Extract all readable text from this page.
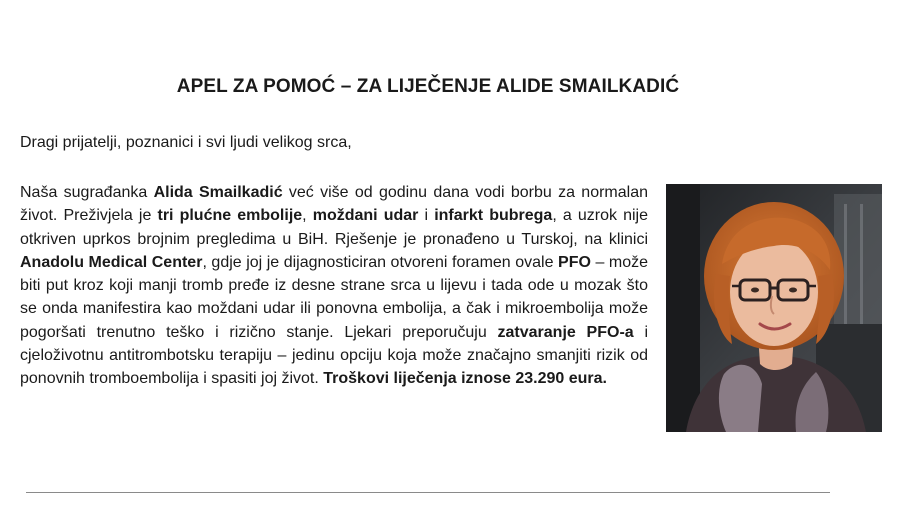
APEL ZA POMOĆ – ZA LIJEČENJE ALIDE SMAILKADIĆ
Dragi prijatelji, poznanici i svi ljudi velikog srca,
Naša sugrađanka Alida Smailkadić već više od godinu dana vodi borbu za normalan život. Preživjela je tri plućne embolije, moždani udar i infarkt bubrega, a uzrok nije otkriven uprkos brojnim pregledima u BiH. Rješenje je pronađeno u Turskoj, na klinici Anadolu Medical Center, gdje joj je dijagnosticiran otvoreni foramen ovale PFO – može biti put kroz koji manji tromb pređe iz desne strane srca u lijevu i tada ode u mozak što se onda manifestira kao moždani udar ili ponovna embolija, a čak i mikroembolija može pogoršati trenutno teško i rizično stanje. Ljekari preporučuju zatvaranje PFO-a i cjeloživotnu antitrombotsku terapiju – jedinu opciju koja može značajno smanjiti rizik od ponovnih tromboembolija i spasiti joj život. Troškovi liječenja iznose 23.290 eura.
